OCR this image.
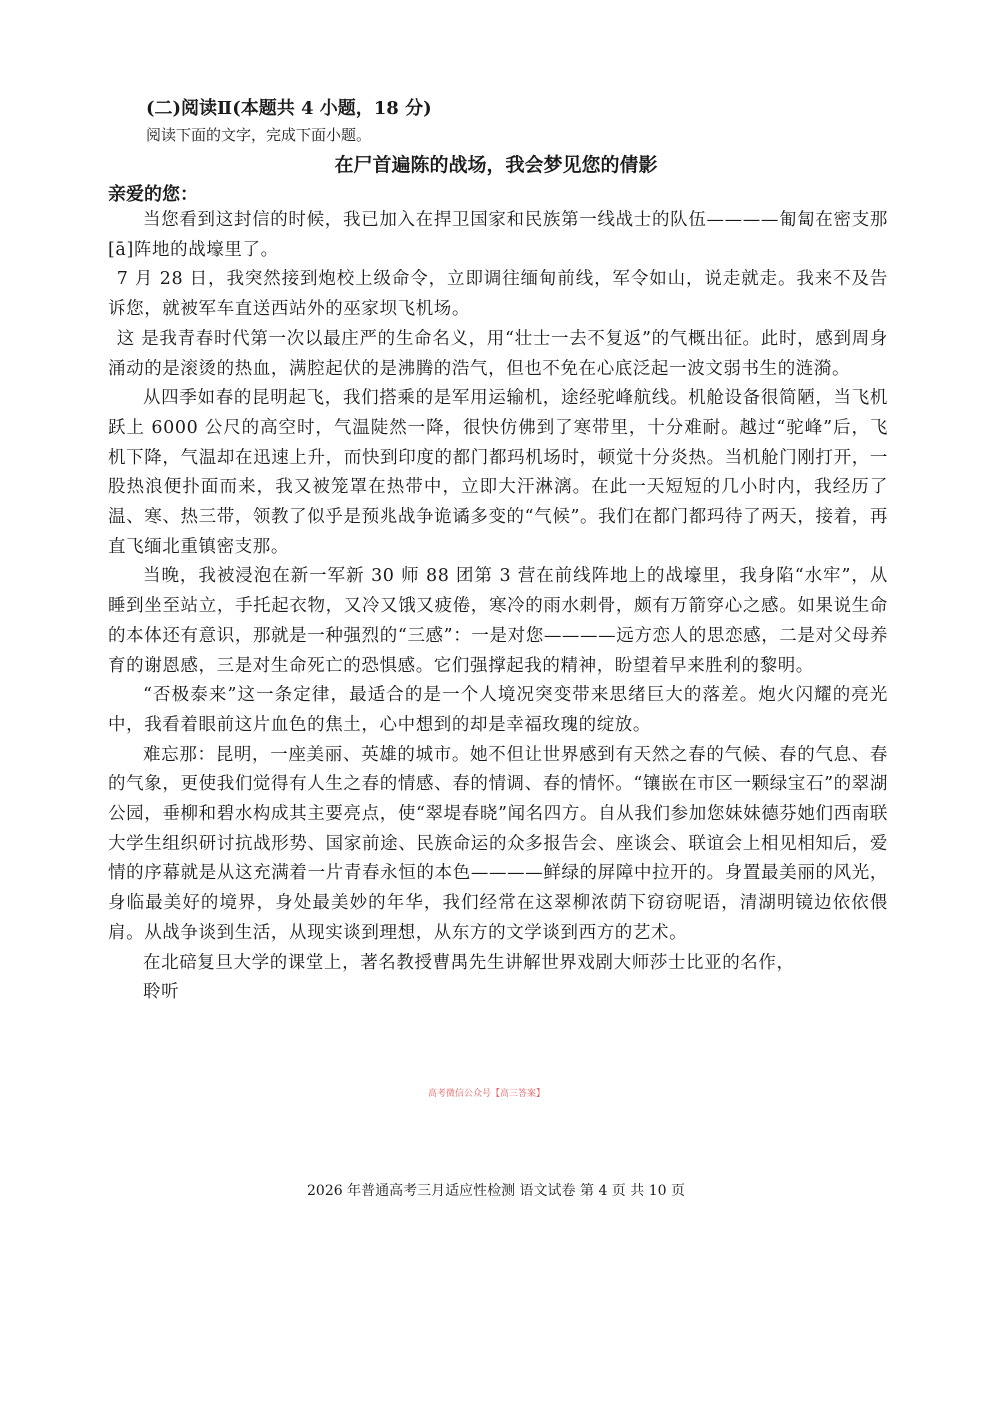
(二)阅读Ⅱ(本题共 4 小题，18 分)
阅读下面的文字，完成下面小题。
在尸首遍陈的战场，我会梦见您的倩影
亲爱的您：

当您看到这封信的时候，我已加入在捍卫国家和民族第一线战士的队伍————匍匐在密支那[ā]阵地的战壕里了。

7 月 28 日，我突然接到炮校上级命令，立即调往缅甸前线，军令如山，说走就走。我来不及告诉您，就被军车直送西站外的巫家坝飞机场。

这 是我青春时代第一次以最庄严的生命名义，用“壮士一去不复返”的气概出征。此时，感到周身涌动的是滚烫的热血，满腔起伏的是沸腾的浩气，但也不免在心底泛起一波文弱书生的涟漪。

从四季如春的昆明起飞，我们搭乘的是军用运输机，途经驼峰航线。机舱设备很简陋，当飞机跃上 6000 公尺的高空时，气温陡然一降，很快仿佛到了寒带里，十分难耐。越过“驼峰”后，飞机下降，气温却在迅速上升，而快到印度的都门都玛机场时，顿觉十分炎热。当机舱门刚打开，一股热浪便扑面而来，我又被笼罩在热带中，立即大汗淋漓。在此一天短短的几小时内，我经历了温、寒、热三带，领教了似乎是预兆战争诡谲多变的“气候”。我们在都门都玛待了两天，接着，再直飞缅北重镇密支那。

当晚，我被浸泡在新一军新 30 师 88 团第 3 营在前线阵地上的战壕里，我身陷“水牢”，从睡到坐至站立，手托起衣物，又冷又饿又疲倦，寒冷的雨水刺骨，颇有万箭穿心之感。如果说生命的本体还有意识，那就是一种强烈的“三感”：一是对您————远方恋人的思恋感，二是对父母养育的谢恩感，三是对生命死亡的恐惧感。它们强撑起我的精神，盼望着早来胜利的黎明。

“否极泰来”这一条定律，最适合的是一个人境况突变带来思绪巨大的落差。炮火闪耀的亮光中，我看着眼前这片血色的焦土，心中想到的却是幸福玫瑰的绽放。

难忘那：昆明，一座美丽、英雄的城市。她不但让世界感到有天然之春的气候、春的气息、春的气象，更使我们觉得有人生之春的情感、春的情调、春的情怀。“镶嵌在市区一颗绿宝石”的翠湖公园，垂柳和碧水构成其主要亮点，使“翠堤春晓”闻名四方。自从我们参加您妹妹德芬她们西南联大学生组织研讨抗战形势、国家前途、民族命运的众多报告会、座谈会、联谊会上相见相知后，爱情的序幕就是从这充满着一片青春永恒的本色————鲜绿的屏障中拉开的。身置最美丽的风光，身临最美好的境界，身处最美妙的年华，我们经常在这翠柳浓荫下窃窃呢语，清湖明镜边依依偎肩。从战争谈到生活，从现实谈到理想，从东方的文学谈到西方的艺术。

在北碚复旦大学的课堂上，著名教授曹禺先生讲解世界戏剧大师莎士比亚的名作，

聆听

高考微信公众号【高三答案】
2026 年普通高考三月适应性检测 语文试卷 第 4 页 共 10 页
